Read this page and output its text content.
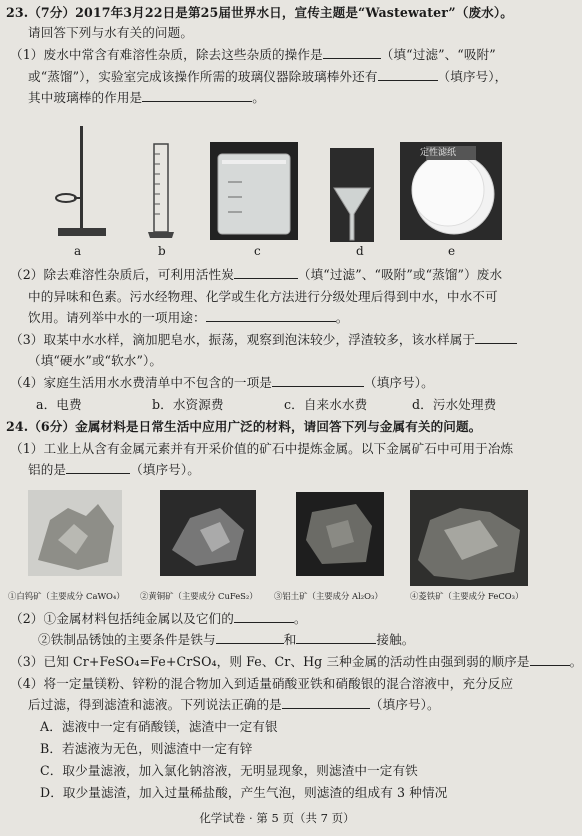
23.（7分）2017年3月22日是第25届世界水日，宣传主题是“Wastewater”（废水）。
请回答下列与水有关的问题。
（1）废水中常含有难溶性杂质，除去这些杂质的操作是	（填“过滤”、“吸附”
或“蒸馏”），实验室完成该操作所需的玻璃仪器除玻璃棒外还有	（填序号），
其中玻璃棒的作用是	。
定性滤纸
a	b	c	d	e
（2）除去难溶性杂质后，可利用活性炭	（填“过滤”、“吸附”或“蒸馏”）废水
中的异味和色素。污水经物理、化学或生化方法进行分级处理后得到中水，中水不可
饮用。请列举中水的一项用途：	。
（3）取某中水水样，滴加肥皂水，振荡，观察到泡沫较少，浮渣较多，该水样属于
（填“硬水”或“软水”）。
（4）家庭生活用水水费清单中不包含的一项是	（填序号）。
a．电费	b．水资源费	c．自来水水费	d．污水处理费
24.（6分）金属材料是日常生活中应用广泛的材料，请回答下列与金属有关的问题。
（1）工业上从含有金属元素并有开采价值的矿石中提炼金属。以下金属矿石中可用于冶炼
铝的是	（填序号）。
①白钨矿（主要成分 CaWO₄） ②黄铜矿（主要成分 CuFeS₂） ③铝土矿（主要成分 Al₂O₃）	④菱铁矿（主要成分 FeCO₃）
（2）①金属材料包括纯金属以及它们的	。
②铁制品锈蚀的主要条件是铁与	和	接触。
（3）已知 Cr+FeSO₄=Fe+CrSO₄，则 Fe、Cr、Hg 三种金属的活动性由强到弱的顺序是	。
（4）将一定量镁粉、锌粉的混合物加入到适量硝酸亚铁和硝酸银的混合溶液中，充分反应
后过滤，得到滤渣和滤液。下列说法正确的是	（填序号）。
A．滤液中一定有硝酸镁，滤渣中一定有银
B．若滤液为无色，则滤渣中一定有锌
C．取少量滤液，加入氯化钠溶液，无明显现象，则滤渣中一定有铁
D．取少量滤渣，加入过量稀盐酸，产生气泡，则滤渣的组成有 3 种情况
化学试卷 · 第 5 页（共 7 页）
